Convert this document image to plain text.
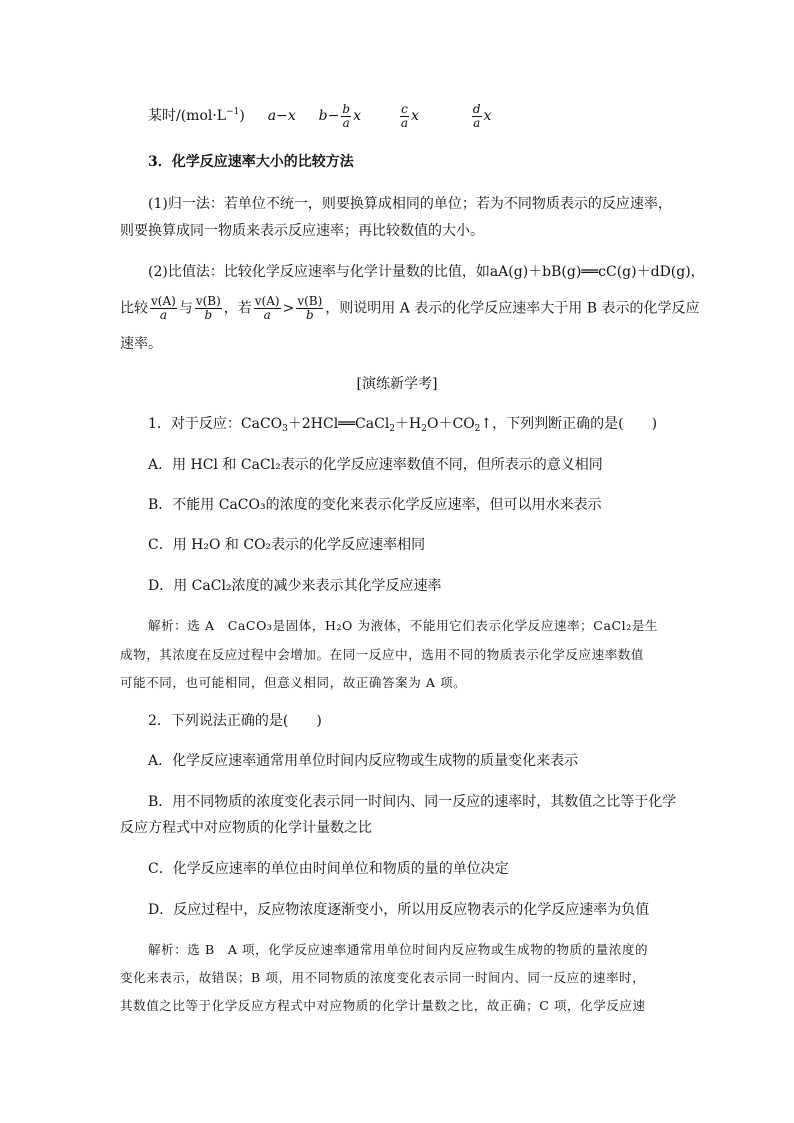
某时$/(mol\cdot L^{-1})$ a−x $b- \frac{b}{a}$ x	$\frac{c}{a}$ x	$\frac{d}{a}$ x
3．化学反应速率大小的比较方法
(1)归一法：若单位不统一，则要换算成相同的单位；若为不同物质表示的反应速率，
则要换算成同一物质来表示反应速率；再比较数值的大小。
(2)比值法：比较化学反应速率与化学计量数的比值，如aA(g)＋bB(g)══cC(g)＋dD(g)，
比较 $\frac{v(A)}{a}$ 与 $\frac{v(B)}{b}$ ，若 $\frac{v(A)}{a} > \frac{v(B)}{b}$ ，则说明用 A 表示的化学反应速率大于用 B 表示的化学反应
速率。
[演练新学考]
1．对于反应：$CaCO_3+2HCl══CaCl_2+H_2O+CO_2↑$，下列判断正确的是(　　)
A．用 HCl 和 CaCl₂表示的化学反应速率数值不同，但所表示的意义相同
B．不能用 CaCO₃的浓度的变化来表示化学反应速率，但可以用水来表示
C．用 H₂O 和 CO₂表示的化学反应速率相同
D．用 CaCl₂浓度的减少来表示其化学反应速率
解析：选 A　CaCO₃是固体，H₂O 为液体，不能用它们表示化学反应速率；CaCl₂是生
成物，其浓度在反应过程中会增加。在同一反应中，选用不同的物质表示化学反应速率数值
可能不同，也可能相同，但意义相同，故正确答案为 A 项。
2．下列说法正确的是(　　)
A．化学反应速率通常用单位时间内反应物或生成物的质量变化来表示
B．用不同物质的浓度变化表示同一时间内、同一反应的速率时，其数值之比等于化学
反应方程式中对应物质的化学计量数之比
C．化学反应速率的单位由时间单位和物质的量的单位决定
D．反应过程中，反应物浓度逐渐变小，所以用反应物表示的化学反应速率为负值
解析：选 B　A 项，化学反应速率通常用单位时间内反应物或生成物的物质的量浓度的
变化来表示，故错误；B 项，用不同物质的浓度变化表示同一时间内、同一反应的速率时，
其数值之比等于化学反应方程式中对应物质的化学计量数之比，故正确；C 项，化学反应速
